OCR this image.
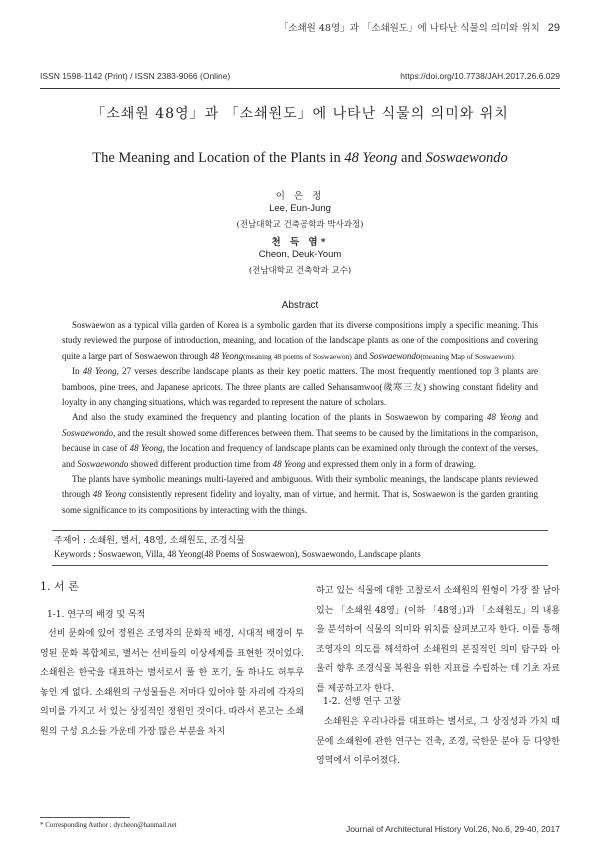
「소쇄원 48영」과 「소쇄원도」에 나타난 식물의 의미와 위치 29
ISSN 1598-1142 (Print) / ISSN 2383-9066 (Online)	https://doi.org/10.7738/JAH.2017.26.6.029
「소쇄원 48영」과 「소쇄원도」에 나타난 식물의 의미와 위치
The Meaning and Location of the Plants in 48 Yeong and Soswaewondo
이 은 정
Lee, Eun-Jung
(전남대학교 건축공학과 박사과정)
천 득 염*
Cheon, Deuk-Youm
(전남대학교 건축학과 교수)
Abstract

Soswaewon as a typical villa garden of Korea is a symbolic garden that its diverse compositions imply a specific meaning. This study reviewed the purpose of introduction, meaning, and location of the landscape plants as one of the compositions and covering quite a large part of Soswaewon through 48 Yeong(meaning 48 poems of Soswaewon) and Soswaewondo(meaning Map of Soswaewon).

In 48 Yeong, 27 verses describe landscape plants as their key poetic matters. The most frequently mentioned top 3 plants are bamboos, pine trees, and Japanese apricots. The three plants are called Sehansamwoo(歲寒三友) showing constant fidelity and loyalty in any changing situations, which was regarded to represent the nature of scholars.

And also the study examined the frequency and planting location of the plants in Soswaewon by comparing 48 Yeong and Soswaewondo, and the result showed some differences between them. That seems to be caused by the limitations in the comparison, because in case of 48 Yeong, the location and frequency of landscape plants can be examined only through the context of the verses, and Soswaewondo showed different production time from 48 Yeong and expressed them only in a form of drawing.

The plants have symbolic meanings multi-layered and ambiguous. With their symbolic meanings, the landscape plants reviewed through 48 Yeong consistently represent fidelity and loyalty, man of virtue, and hermit. That is, Soswaewon is the garden granting some significance to its compositions by interacting with the things.

주제어 : 소쇄원, 별서, 48영, 소쇄원도, 조경식물
Keywords : Soswaewon, Villa, 48 Yeong(48 Poems of Soswaewon), Soswaewondo, Landscape plants
1. 서 론
1-1. 연구의 배경 및 목적

선비 문화에 있어 정원은 조영자의 문화적 배경, 시대적 배경이 투영된 문화 복합체로, 별서는 선비들의 이상세계를 표현한 것이었다. 소쇄원은 한국을 대표하는 별서로서 풀 한 포기, 돌 하나도 허투루 놓인 게 없다. 소쇄원의 구성물들은 저마다 있어야 할 자리에 각자의 의미를 가지고 서 있는 상징적인 정원인 것이다. 따라서 본고는 소쇄원의 구성 요소들 가운데 가장 많은 부분을 차지

하고 있는 식물에 대한 고찰로서 소쇄원의 원형이 가장 잘 남아 있는 「소쇄원 48영」(이하 「48영」)과 「소쇄원도」의 내용을 분석하여 식물의 의미와 위치를 살펴보고자 한다. 이를 통해 조영자의 의도를 해석하여 소쇄원의 본질적인 의미 탐구와 아울러 향후 조경식물 복원을 위한 지표를 수립하는 데 기초 자료를 제공하고자 한다.

1-2. 선행 연구 고찰

소쇄원은 우리나라를 대표하는 별서로, 그 상징성과 가치 때문에 소쇄원에 관한 연구는 건축, 조경, 국한문 분야 등 다양한 영역에서 이루어졌다.

* Corresponding Author : dycheon@hanmail.net	Journal of Architectural History Vol.26, No.6, 29-40, 2017
